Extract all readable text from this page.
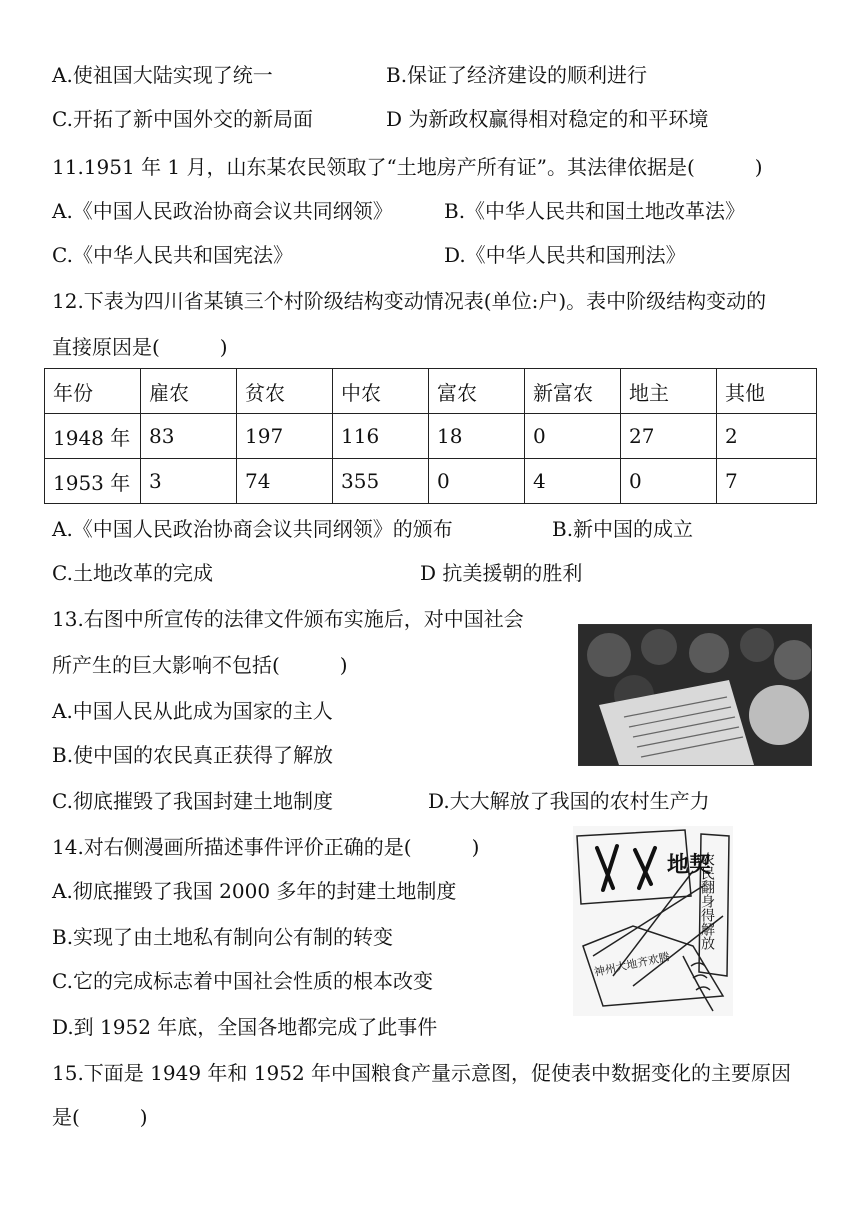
A.使祖国大陆实现了统一	B.保证了经济建设的顺利进行
C.开拓了新中国外交的新局面	D 为新政权赢得相对稳定的和平环境
11.1951 年 1 月，山东某农民领取了“土地房产所有证”。其法律依据是(　　　)
A.《中国人民政治协商会议共同纲领》	B.《中华人民共和国土地改革法》
C.《中华人民共和国宪法》	D.《中华人民共和国刑法》
12.下表为四川省某镇三个村阶级结构变动情况表(单位:户)。表中阶级结构变动的
直接原因是(　　　)
年份	雇农	贫农	中农	富农	新富农	地主	其他
1948 年	83	197	116	18	0	27	2
1953 年	3	74	355	0	4	0	7
A.《中国人民政治协商会议共同纲领》的颁布	B.新中国的成立
C.土地改革的完成	D 抗美援朝的胜利
13.右图中所宣传的法律文件颁布实施后，对中国社会
所产生的巨大影响不包括(　　　)
A.中国人民从此成为国家的主人
B.使中国的农民真正获得了解放
C.彻底摧毁了我国封建土地制度	D.大大解放了我国的农村生产力
14.对右侧漫画所描述事件评价正确的是(　　　)
A.彻底摧毁了我国 2000 多年的封建土地制度
B.实现了由土地私有制向公有制的转变
C.它的完成标志着中国社会性质的根本改变
D.到 1952 年底，全国各地都完成了此事件
地契
农民翻身得解放
神州大地齐欢腾
15.下面是 1949 年和 1952 年中国粮食产量示意图，促使表中数据变化的主要原因
是(　　　)
